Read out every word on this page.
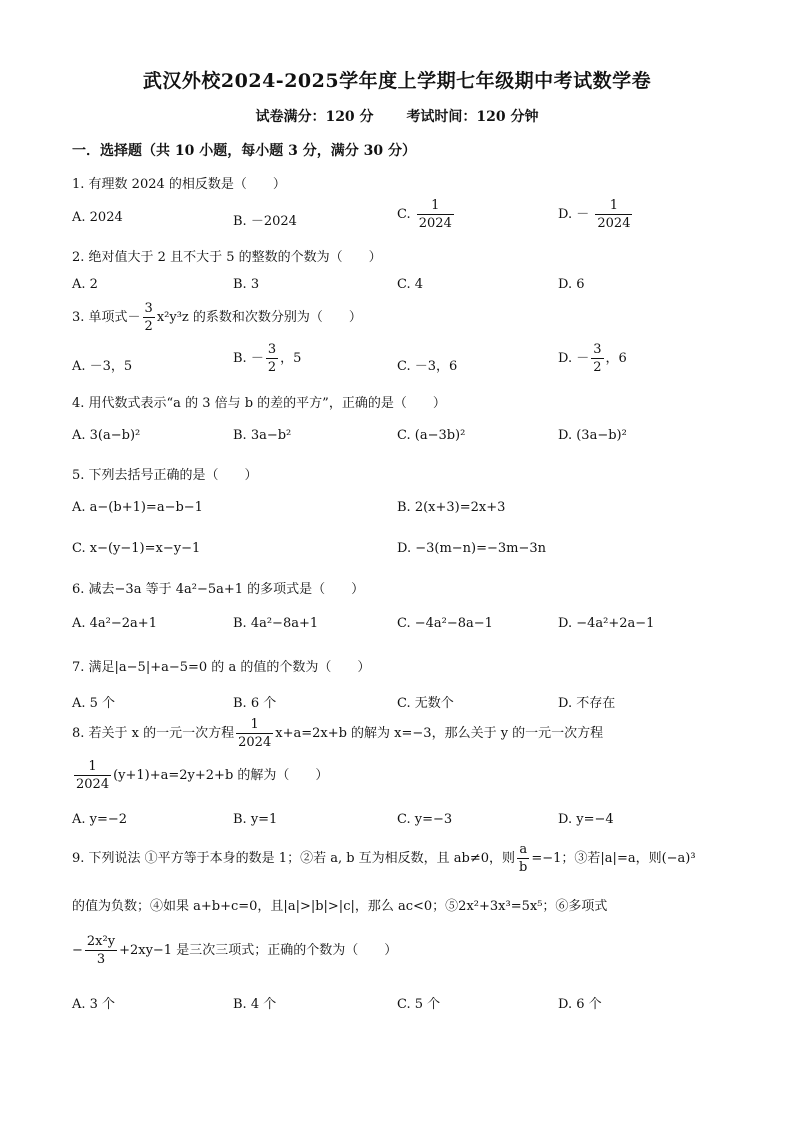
武汉外校2024-2025学年度上学期七年级期中考试数学卷
试卷满分：120 分 考试时间：120 分钟
一．选择题（共 10 小题，每小题 3 分，满分 30 分）
1. 有理数 2024 的相反数是（　　）
A. 2024	B. －2024	C. $\frac{1}{2024}$	D. － $\frac{1}{2024}$
2. 绝对值大于 2 且不大于 5 的整数的个数为（　　）
A. 2	B. 3	C. 4	D. 6
3. 单项式－ $\frac{3}{2} x^2y^3z$ 的系数和次数分别为（　　）
A. －3，5
B. － $\frac{3}{2}$ ，5
C. －3，6
D. － $\frac{3}{2}$ ，6
4. 用代数式表示“a 的 3 倍与 b 的差的平方”，正确的是（　　）
A. 3(a−b)²	B. 3a−b²	C. (a−3b)²	D. (3a−b)²
5. 下列去括号正确的是（　　）
A. a−(b+1)=a−b−1	B. 2(x+3)=2x+3
C. x−(y−1)=x−y−1	D. −3(m−n)=−3m−3n
6. 减去−3a 等于 4a²−5a+1 的多项式是（　　）
A. 4a²−2a+1	B. 4a²−8a+1	C. −4a²−8a−1	D. −4a²+2a−1
7. 满足|a−5|+a−5=0 的 a 的值的个数为（　　）
A. 5 个	B. 6 个	C. 无数个	D. 不存在
8. 若关于 x 的一元一次方程 $\frac{1}{2024} x+a=2x+b$ 的解为 x=−3，那么关于 y 的一元一次方程
$\frac{1}{2024} (y+1)+a=2y+2+b$ 的解为（　　）
A. y=−2	B. y=1	C. y=−3	D. y=−4
9. 下列说法 ①平方等于本身的数是 1；②若 a, b 互为相反数，且 ab≠0，则 $\frac{a}{b} =-1$；③若|a|=a，则(−a)³
的值为负数；④如果 a+b+c=0，且|a|>|b|>|c|，那么 ac<0；⑤2x²+3x³=5x⁵；⑥多项式
− $\frac{\text{2x²y}}{3} +2xy-1$ 是三次三项式；正确的个数为（　　）
A. 3 个	B. 4 个	C. 5 个	D. 6 个
